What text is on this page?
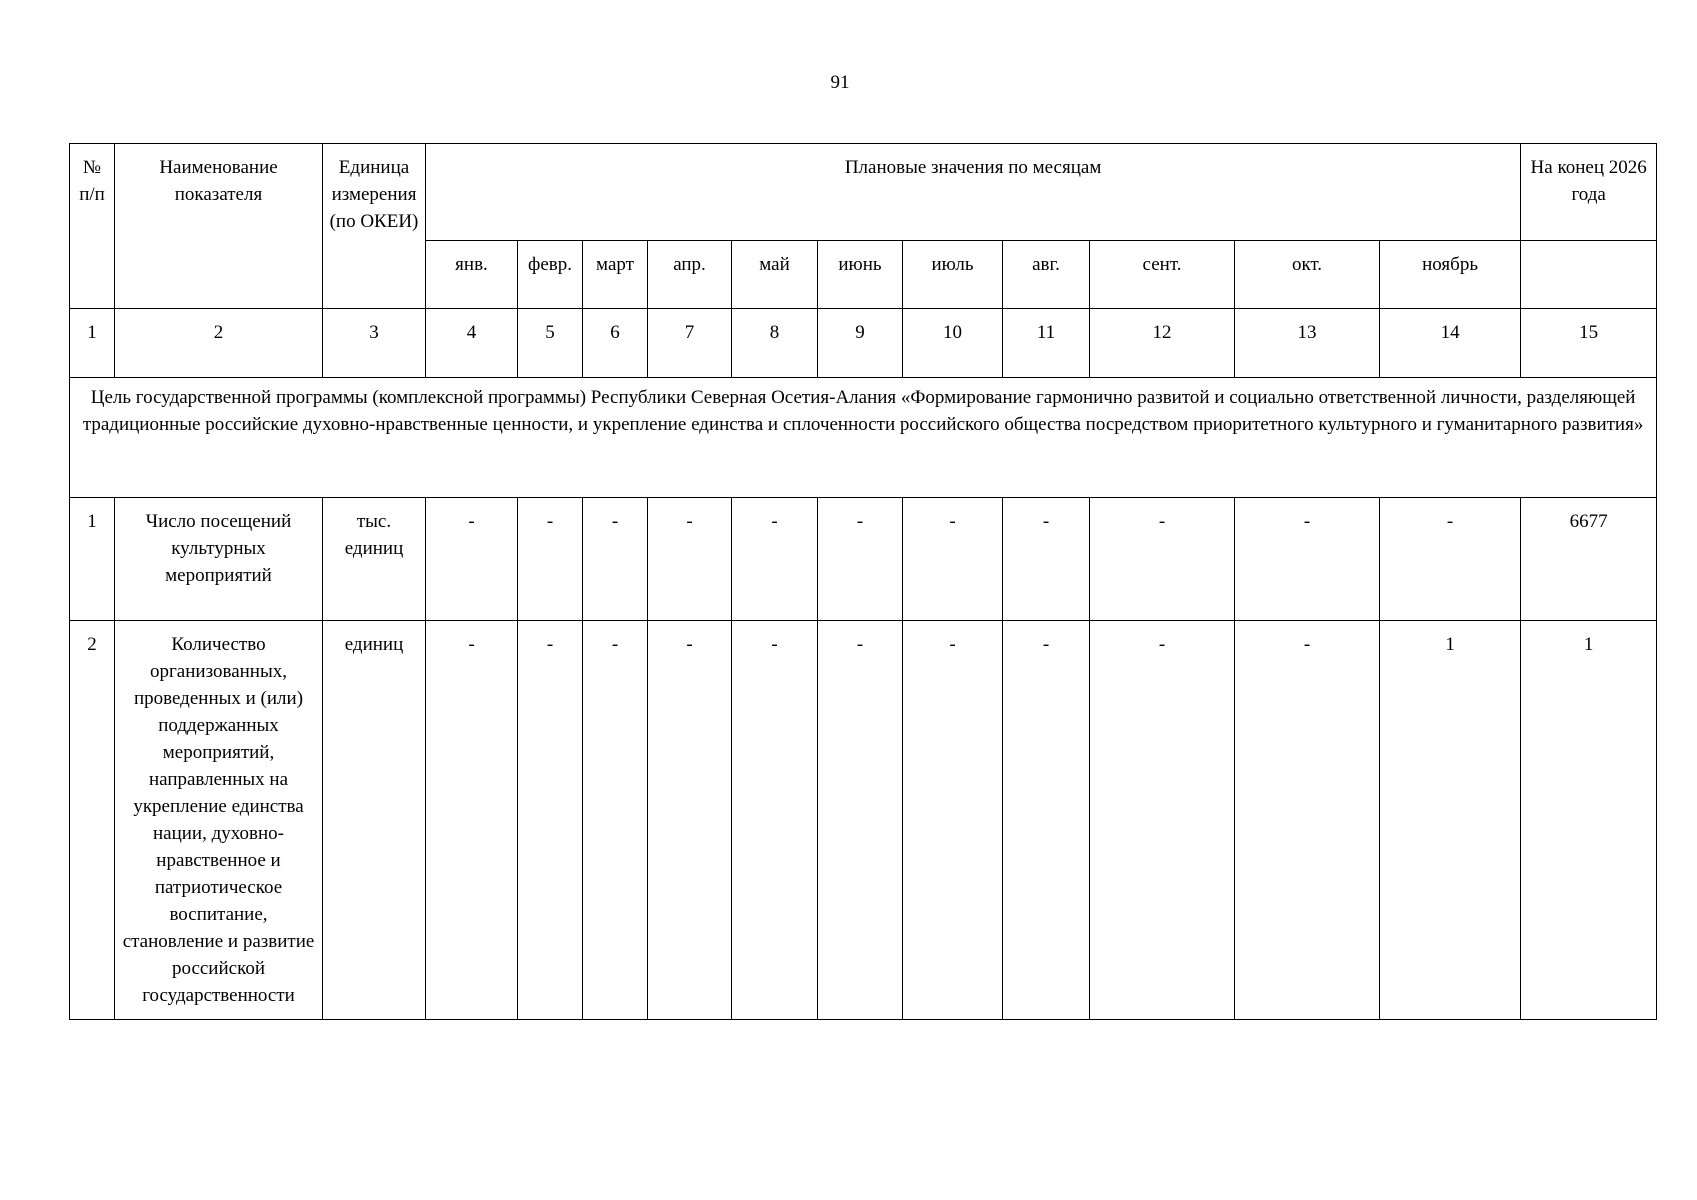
91
№
п/п	Наименование показателя	Единица измерения (по ОКЕИ)	Плановые значения по месяцам											На конец 2026 года
			янв.	февр.	март	апр.	май	июнь	июль	авг.	сент.	окт.	ноябрь	
1	2	3	4	5	6	7	8	9	10	11	12	13	14	15
Цель государственной программы (комплексной программы) Республики Северная Осетия-Алания «Формирование гармонично развитой и социально ответственной личности, разделяющей традиционные российские духовно-нравственные ценности, и укрепление единства и сплоченности российского общества посредством приоритетного культурного и гуманитарного развития»														
1	Число посещений культурных мероприятий	тыс. единиц	-	-	-	-	-	-	-	-	-	-	-	6677
2	Количество организованных, проведенных и (или) поддержанных мероприятий, направленных на укрепление единства нации, духовно-нравственное и патриотическое воспитание, становление и развитие российской государственности	единиц	-	-	-	-	-	-	-	-	-	-	1	1
